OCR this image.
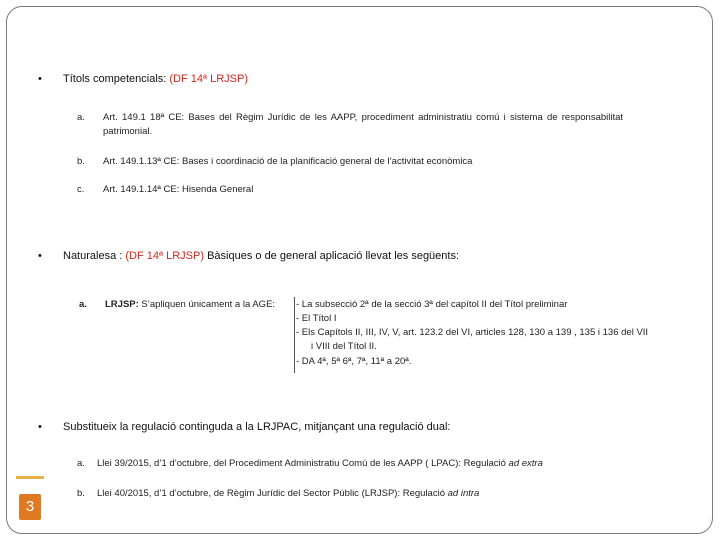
• Títols competencials: (DF 14ª LRJSP)
a. Art. 149.1 18ª CE: Bases del Règim Jurídic de les AAPP, procediment administratiu comú i sistema de responsabilitat
patrimonial.
b. Art. 149.1.13ª CE: Bases i coordinació de la planificació general de l’activitat econòmica
c. Art. 149.1.14ª CE: Hisenda General
• Naturalesa : (DF 14ª LRJSP) Bàsiques o de general aplicació llevat les següents:
a. LRJSP: S’apliquen únicament a la AGE: - La subsecció 2ª de la secció 3ª del capítol II del Títol preliminar
- El Títol I
- Els Capítols II, III, IV, V, art. 123.2 del VI, articles 128, 130 a 139 , 135 i 136 del VII
i VIII del Títol II.
- DA 4ª, 5ª 6ª, 7ª, 11ª a 20ª.
• Substitueix la regulació continguda a la LRJPAC, mitjançant una regulació dual:
a. Llei 39/2015, d’1 d’octubre, del Procediment Administratiu Comú de les AAPP ( LPAC): Regulació ad extra
b. Llei 40/2015, d’1 d’octubre, de Règim Jurídic del Sector Públic (LRJSP): Regulació ad intra
3
